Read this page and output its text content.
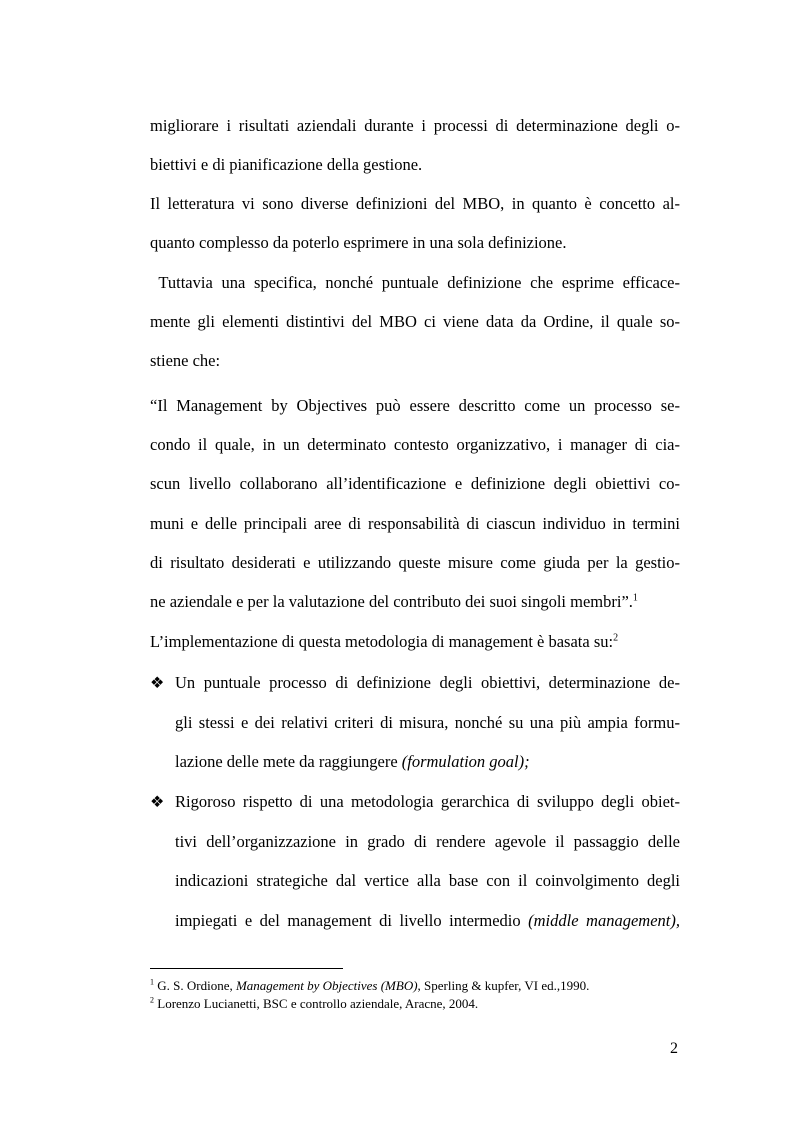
migliorare i risultati aziendali durante i processi di determinazione degli o-
biettivi e di pianificazione della gestione.
Il letteratura vi sono diverse definizioni del MBO, in quanto è concetto al-
quanto complesso da poterlo esprimere in una sola definizione.
Tuttavia una specifica, nonché puntuale definizione che esprime efficace-
mente gli elementi distintivi del MBO ci viene data da Ordine, il quale so-
stiene che:
“Il Management by Objectives può essere descritto come un processo se-
condo il quale, in un determinato contesto organizzativo, i manager di cia-
scun livello collaborano all’identificazione e definizione degli obiettivi co-
muni e delle principali aree di responsabilità di ciascun individuo in termini
di risultato desiderati e utilizzando queste misure come giuda per la gestio-
ne aziendale e per la valutazione del contributo dei suoi singoli membri”.$^1$
L’implementazione di questa metodologia di management è basata su:$^2$
❖ Un puntuale processo di definizione degli obiettivi, determinazione de-
gli stessi e dei relativi criteri di misura, nonché su una più ampia formu-
lazione delle mete da raggiungere (formulation goal);
❖ Rigoroso rispetto di una metodologia gerarchica di sviluppo degli obiet-
tivi dell’organizzazione in grado di rendere agevole il passaggio delle
indicazioni strategiche dal vertice alla base con il coinvolgimento degli
impiegati e del management di livello intermedio (middle management),
$^1$ G. S. Ordione, Management by Objectives (MBO), Sperling & kupfer, VI ed.,1990.
$^2$ Lorenzo Lucianetti, BSC e controllo aziendale, Aracne, 2004.
2
